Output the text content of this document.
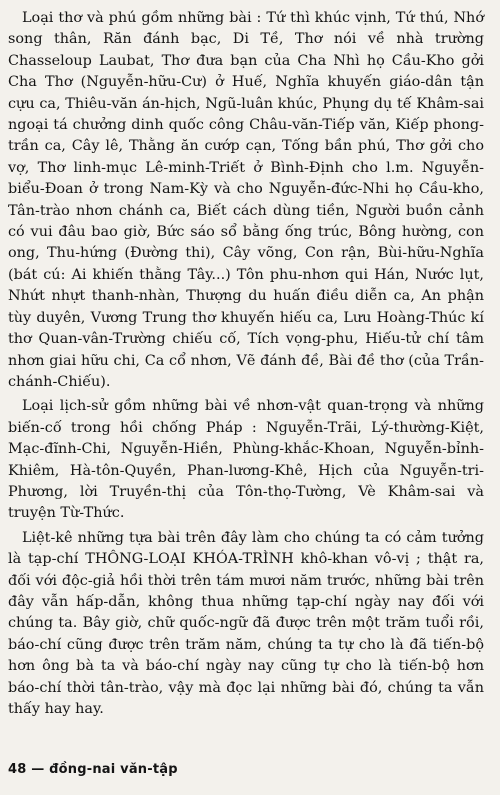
Loại thơ và phú gồm những bài : Tứ thì khúc vịnh, Tứ thú, Nhớ song thân, Răn đánh bạc, Di Tề, Thơ nói về nhà trường Chasseloup Laubat, Thơ đưa bạn của Cha Nhì họ Cầu-Kho gởi Cha Thơ (Nguyễn-hữu-Cư) ở Huế, Nghĩa khuyến giáo-dân tận cựu ca, Thiêu-văn án-hịch, Ngũ-luân khúc, Phụng dụ tế Khâm-sai ngoại tá chưởng dinh quốc công Châu-văn-Tiếp văn, Kiếp phong-trần ca, Cây lê, Thằng ăn cướp cạn, Tống bần phú, Thơ gởi cho vợ, Thơ linh-mục Lê-minh-Triết ở Bình-Định cho l.m. Nguyễn-biểu-Đoan ở trong Nam-Kỳ và cho Nguyễn-đức-Nhi họ Cầu-kho, Tân-trào nhơn chánh ca, Biết cách dùng tiền, Người buồn cảnh có vui đâu bao giờ, Bức sáo sổ bằng ống trúc, Bông hường, con ong, Thu-hứng (Đường thi), Cây võng, Con rận, Bùi-hữu-Nghĩa (bát cú: Ai khiến thằng Tây...) Tôn phu-nhơn qui Hán, Nước lụt, Nhứt nhựt thanh-nhàn, Thượng du huấn điều diễn ca, An phận tùy duyên, Vương Trung thơ khuyến hiếu ca, Lưu Hoàng-Thúc kí thơ Quan-vân-Trường chiếu cố, Tích vọng-phu, Hiếu-tử chí tâm nhơn giai hữu chi, Ca cổ nhơn, Vẽ đánh đề, Bài đề thơ (của Trần-chánh-Chiếu).

Loại lịch-sử gồm những bài về nhơn-vật quan-trọng và những biến-cố trong hồi chống Pháp : Nguyễn-Trãi, Lý-thường-Kiệt, Mạc-đĩnh-Chi, Nguyễn-Hiền, Phùng-khắc-Khoan, Nguyễn-bỉnh-Khiêm, Hà-tôn-Quyền, Phan-lương-Khê, Hịch của Nguyễn-tri-Phương, lời Truyền-thị của Tôn-thọ-Tường, Vè Khâm-sai và truyện Từ-Thức.

Liệt-kê những tựa bài trên đây làm cho chúng ta có cảm tưởng là tạp-chí THÔNG-LOẠI KHÓA-TRÌNH khô-khan vô-vị ; thật ra, đối với độc-giả hồi thời trên tám mươi năm trước, những bài trên đây vẫn hấp-dẫn, không thua những tạp-chí ngày nay đối với chúng ta. Bây giờ, chữ quốc-ngữ đã được trên một trăm tuổi rồi, báo-chí cũng được trên trăm năm, chúng ta tự cho là đã tiến-bộ hơn ông bà ta và báo-chí ngày nay cũng tự cho là tiến-bộ hơn báo-chí thời tân-trào, vậy mà đọc lại những bài đó, chúng ta vẫn thấy hay hay.

48 — đồng-nai văn-tập
